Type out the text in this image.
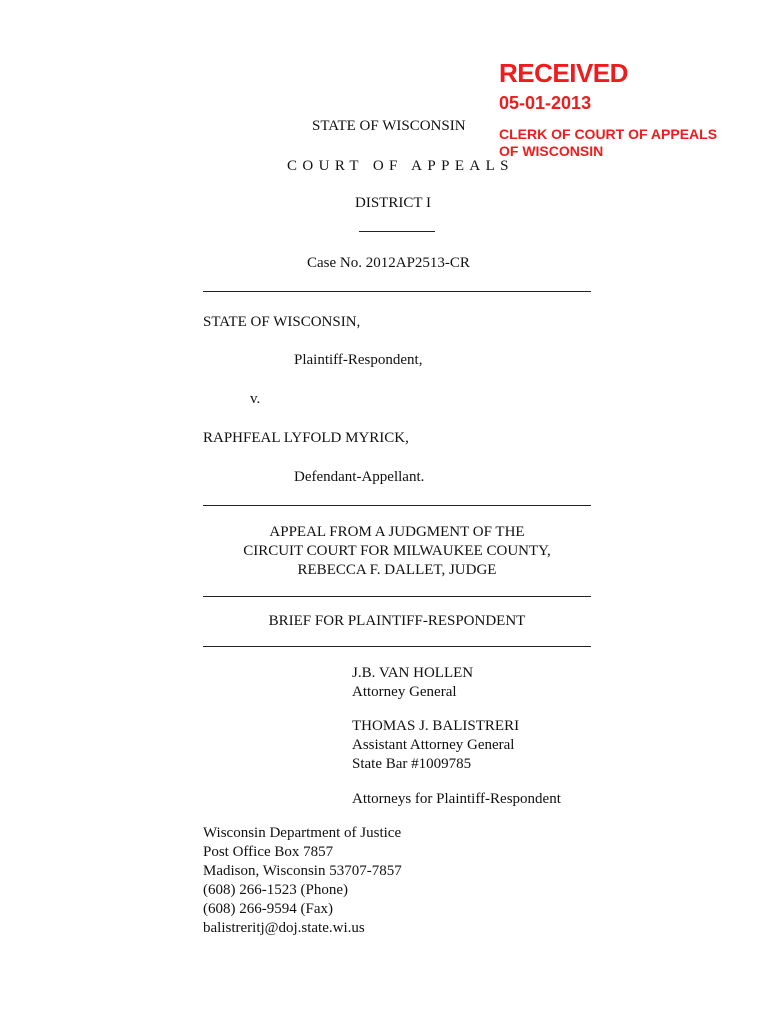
RECEIVED
05-01-2013
CLERK OF COURT OF APPEALS
OF WISCONSIN
STATE OF WISCONSIN
COURT OF APPEALS
DISTRICT I
Case No. 2012AP2513-CR
STATE OF WISCONSIN,
Plaintiff-Respondent,
v.
RAPHFEAL LYFOLD MYRICK,
Defendant-Appellant.
APPEAL FROM A JUDGMENT OF THE
CIRCUIT COURT FOR MILWAUKEE COUNTY,
REBECCA F. DALLET, JUDGE
BRIEF FOR PLAINTIFF-RESPONDENT
J.B. VAN HOLLEN
Attorney General
THOMAS J. BALISTRERI
Assistant Attorney General
State Bar #1009785
Attorneys for Plaintiff-Respondent
Wisconsin Department of Justice
Post Office Box 7857
Madison, Wisconsin 53707-7857
(608) 266-1523 (Phone)
(608) 266-9594 (Fax)
balistreritj@doj.state.wi.us
